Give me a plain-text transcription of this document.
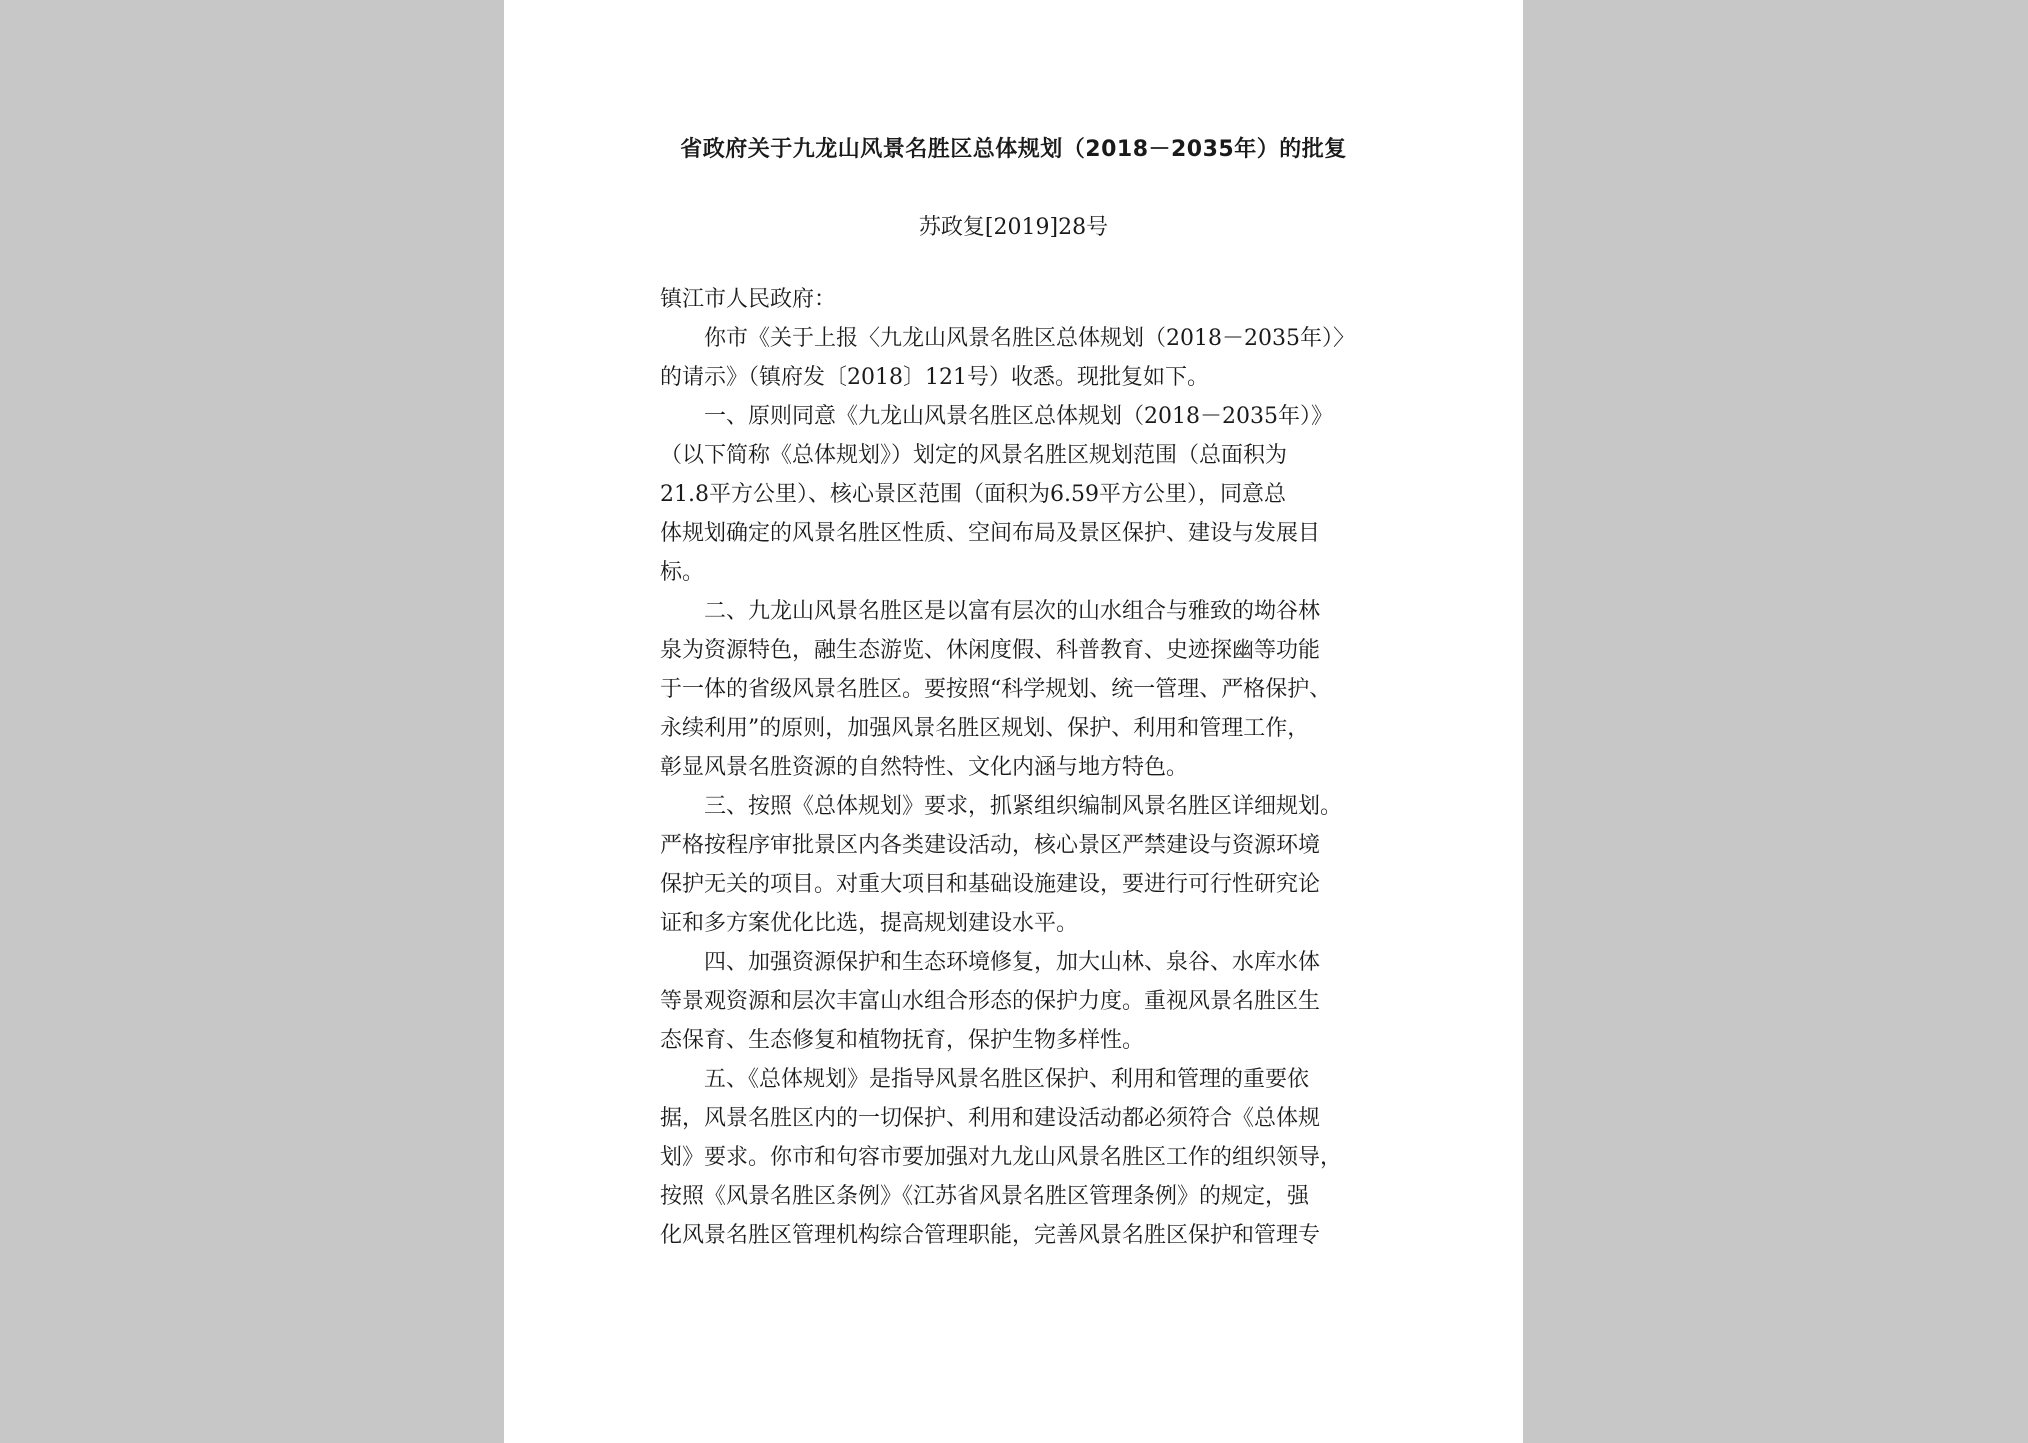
省政府关于九龙山风景名胜区总体规划（2018－2035年）的批复
苏政复[2019]28号
镇江市人民政府：
你市《关于上报〈九龙山风景名胜区总体规划（2018－2035年）〉
的请示》（镇府发〔2018〕121号）收悉。现批复如下。
一、原则同意《九龙山风景名胜区总体规划（2018－2035年）》
（以下简称《总体规划》）划定的风景名胜区规划范围（总面积为
21.8平方公里）、核心景区范围（面积为6.59平方公里），同意总
体规划确定的风景名胜区性质、空间布局及景区保护、建设与发展目
标。
二、九龙山风景名胜区是以富有层次的山水组合与雅致的坳谷林
泉为资源特色，融生态游览、休闲度假、科普教育、史迹探幽等功能
于一体的省级风景名胜区。要按照“科学规划、统一管理、严格保护、
永续利用”的原则，加强风景名胜区规划、保护、利用和管理工作，
彰显风景名胜资源的自然特性、文化内涵与地方特色。
三、按照《总体规划》要求，抓紧组织编制风景名胜区详细规划。
严格按程序审批景区内各类建设活动，核心景区严禁建设与资源环境
保护无关的项目。对重大项目和基础设施建设，要进行可行性研究论
证和多方案优化比选，提高规划建设水平。
四、加强资源保护和生态环境修复，加大山林、泉谷、水库水体
等景观资源和层次丰富山水组合形态的保护力度。重视风景名胜区生
态保育、生态修复和植物抚育，保护生物多样性。
五、《总体规划》是指导风景名胜区保护、利用和管理的重要依
据，风景名胜区内的一切保护、利用和建设活动都必须符合《总体规
划》要求。你市和句容市要加强对九龙山风景名胜区工作的组织领导，
按照《风景名胜区条例》《江苏省风景名胜区管理条例》的规定，强
化风景名胜区管理机构综合管理职能，完善风景名胜区保护和管理专
